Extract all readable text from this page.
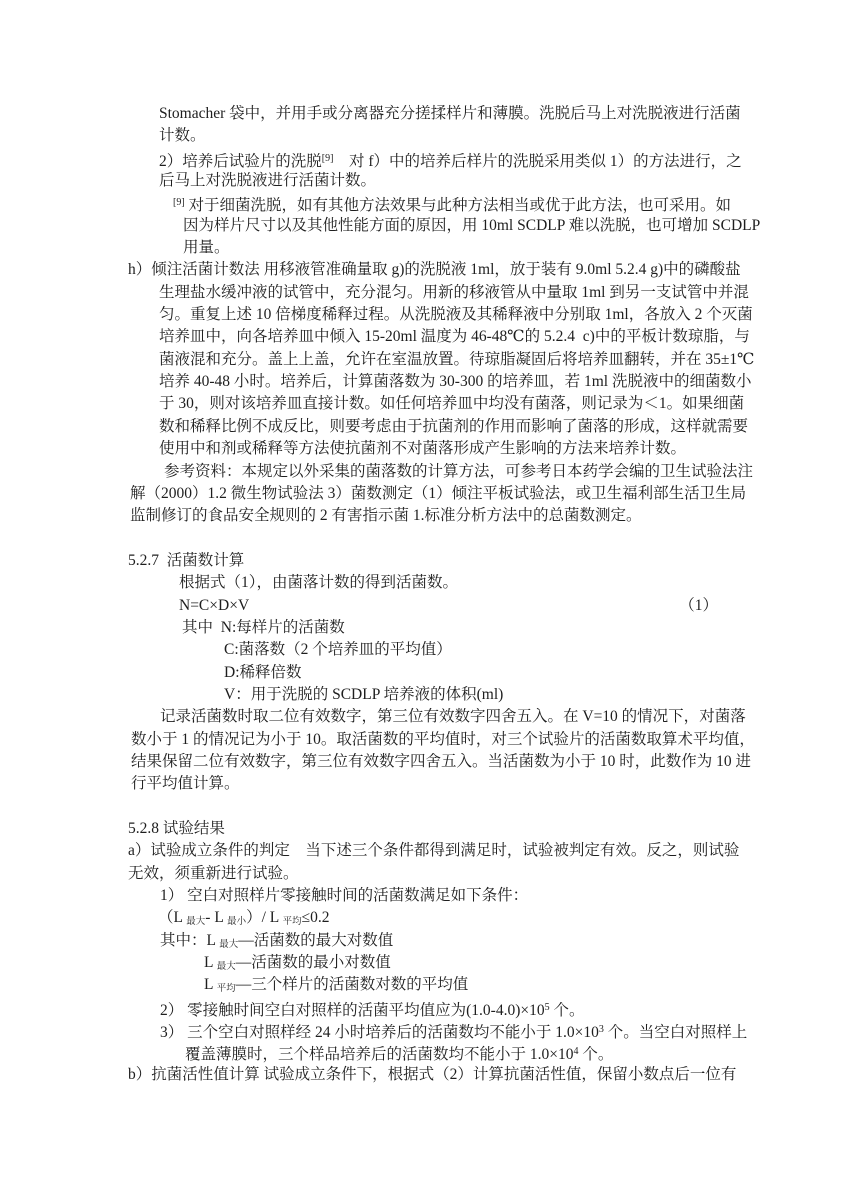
Stomacher 袋中，并用手或分离器充分搓揉样片和薄膜。洗脱后马上对洗脱液进行活菌
计数。
2）培养后试验片的洗脱[9]　对 f）中的培养后样片的洗脱采用类似 1）的方法进行，之
后马上对洗脱液进行活菌计数。
[9] 对于细菌洗脱，如有其他方法效果与此种方法相当或优于此方法，也可采用。如
因为样片尺寸以及其他性能方面的原因，用 10ml SCDLP 难以洗脱，也可增加 SCDLP
用量。
h）倾注活菌计数法 用移液管准确量取 g)的洗脱液 1ml，放于装有 9.0ml 5.2.4 g)中的磷酸盐
生理盐水缓冲液的试管中，充分混匀。用新的移液管从中量取 1ml 到另一支试管中并混
匀。重复上述 10 倍梯度稀释过程。从洗脱液及其稀释液中分别取 1ml，各放入 2 个灭菌
培养皿中，向各培养皿中倾入 15-20ml 温度为 46-48℃的 5.2.4  c)中的平板计数琼脂，与
菌液混和充分。盖上上盖，允许在室温放置。待琼脂凝固后将培养皿翻转，并在 35±1℃
培养 40-48 小时。培养后，计算菌落数为 30-300 的培养皿，若 1ml 洗脱液中的细菌数小
于 30，则对该培养皿直接计数。如任何培养皿中均没有菌落，则记录为＜1。如果细菌
数和稀释比例不成反比，则要考虑由于抗菌剂的作用而影响了菌落的形成，这样就需要
使用中和剂或稀释等方法使抗菌剂不对菌落形成产生影响的方法来培养计数。
参考资料：本规定以外采集的菌落数的计算方法，可参考日本药学会编的卫生试验法注
解（2000）1.2 微生物试验法 3）菌数测定（1）倾注平板试验法，或卫生福利部生活卫生局
监制修订的食品安全规则的 2 有害指示菌 1.标准分析方法中的总菌数测定。
5.2.7  活菌数计算
根据式（1），由菌落计数的得到活菌数。
N=C×D×V	（1）
其中  N:每样片的活菌数
C:菌落数（2 个培养皿的平均值）
D:稀释倍数
V：用于洗脱的 SCDLP 培养液的体积(ml)
记录活菌数时取二位有效数字，第三位有效数字四舍五入。在 V=10 的情况下，对菌落
数小于 1 的情况记为小于 10。取活菌数的平均值时，对三个试验片的活菌数取算术平均值，
结果保留二位有效数字，第三位有效数字四舍五入。当活菌数为小于 10 时，此数作为 10 进
行平均值计算。
5.2.8 试验结果
a）试验成立条件的判定　当下述三个条件都得到满足时，试验被判定有效。反之，则试验
无效，须重新进行试验。
1） 空白对照样片零接触时间的活菌数满足如下条件：
（L $_{最大}$- L $_{最小}$）/ L $_{平均}$≤0.2
其中：L $_{最大}$—活菌数的最大对数值
L $_{最大}$—活菌数的最小对数值
L $_{平均}$—三个样片的活菌数对数的平均值
2） 零接触时间空白对照样的活菌平均值应为$(1.0-4.0)\times 10^5$ 个。
3） 三个空白对照样经 24 小时培养后的活菌数均不能小于 $1.0\times 10^3$ 个。当空白对照样上
覆盖薄膜时，三个样品培养后的活菌数均不能小于 $1.0\times 10^4$ 个。
b）抗菌活性值计算 试验成立条件下，根据式（2）计算抗菌活性值，保留小数点后一位有
